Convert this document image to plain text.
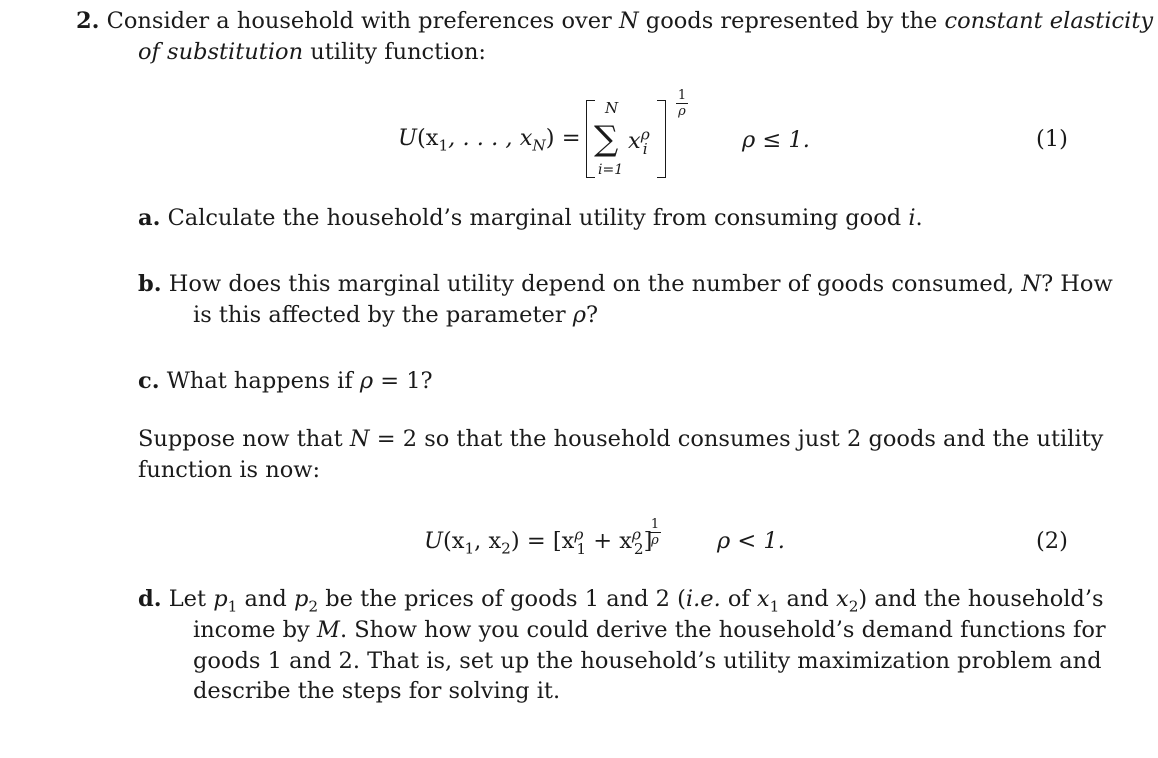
2. Consider a household with preferences over N goods represented by the constant elasticity
of substitution utility function:
$U(x_1$, . . . , $x_N$) =
N
∑
i=1
$x^\rho_i$
1
ρ
ρ ≤ 1.	(1)
a. Calculate the household’s marginal utility from consuming good i.
b. How does this marginal utility depend on the number of goods consumed, N? How
is this affected by the parameter ρ?
c. What happens if ρ = 1?
Suppose now that N = 2 so that the household consumes just 2 goods and the utility
function is now:
$U(x_1$, $x_2) = [x^\rho_1 + x^\rho_2]$
1
ρ	ρ < 1.	(2)
d. Let $p_1$ and $p_2$ be the prices of goods 1 and 2 (i.e. of $x_1$ and $x_2$) and the household’s
income by M. Show how you could derive the household’s demand functions for
goods 1 and 2. That is, set up the household’s utility maximization problem and
describe the steps for solving it.
